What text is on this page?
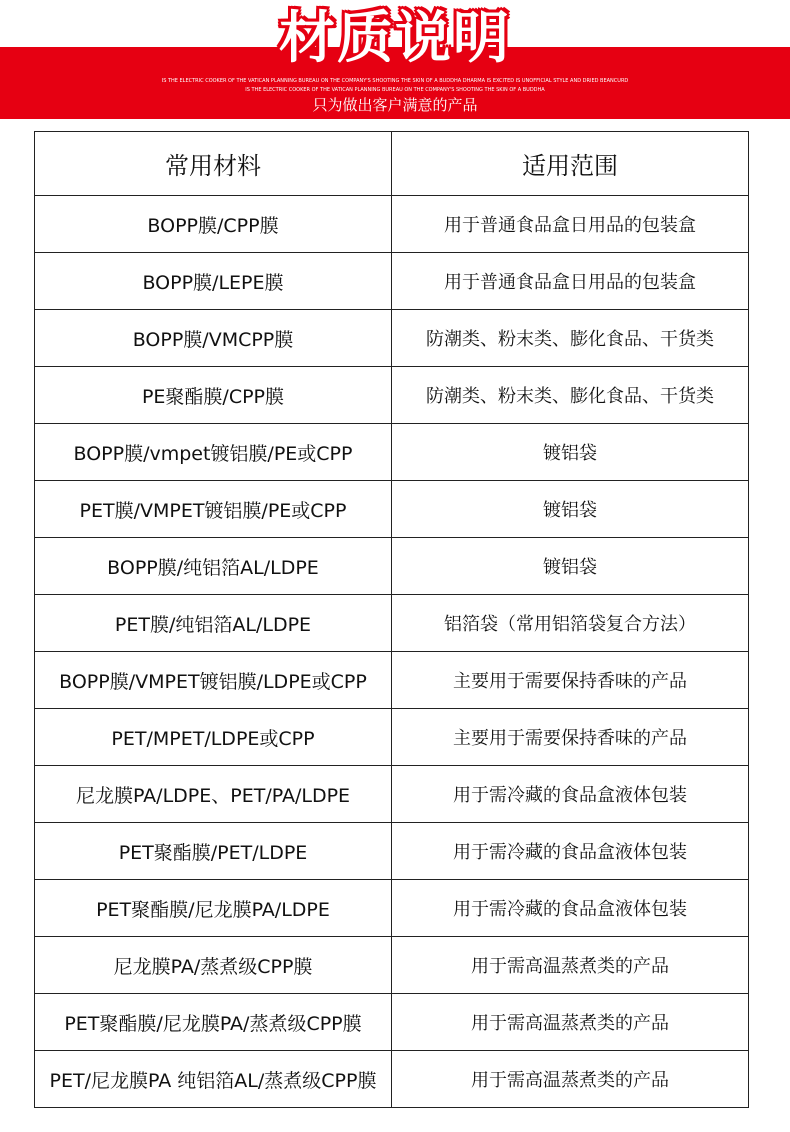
材质说明
IS THE ELECTRIC COOKER OF THE VATICAN PLANNING BUREAU ON THE COMPANY'S SHOOTING THE SKIN OF A BUDDHA DHARMA IS EXCITED IS UNOFFICIAL STYLE AND DRIED BEANCURD
IS THE ELECTRIC COOKER OF THE VATICAN PLANNING BUREAU ON THE COMPANY'S SHOOTING THE SKIN OF A BUDDHA
只为做出客户满意的产品
常用材料	适用范围
BOPP膜/CPP膜	用于普通食品盒日用品的包装盒
BOPP膜/LEPE膜	用于普通食品盒日用品的包装盒
BOPP膜/VMCPP膜	防潮类、粉末类、膨化食品、干货类
PE聚酯膜/CPP膜	防潮类、粉末类、膨化食品、干货类
BOPP膜/vmpet镀铝膜/PE或CPP	镀铝袋
PET膜/VMPET镀铝膜/PE或CPP	镀铝袋
BOPP膜/纯铝箔AL/LDPE	镀铝袋
PET膜/纯铝箔AL/LDPE	铝箔袋（常用铝箔袋复合方法）
BOPP膜/VMPET镀铝膜/LDPE或CPP	主要用于需要保持香味的产品
PET/MPET/LDPE或CPP	主要用于需要保持香味的产品
尼龙膜PA/LDPE、PET/PA/LDPE	用于需冷藏的食品盒液体包装
PET聚酯膜/PET/LDPE	用于需冷藏的食品盒液体包装
PET聚酯膜/尼龙膜PA/LDPE	用于需冷藏的食品盒液体包装
尼龙膜PA/蒸煮级CPP膜	用于需高温蒸煮类的产品
PET聚酯膜/尼龙膜PA/蒸煮级CPP膜	用于需高温蒸煮类的产品
PET/尼龙膜PA 纯铝箔AL/蒸煮级CPP膜	用于需高温蒸煮类的产品
